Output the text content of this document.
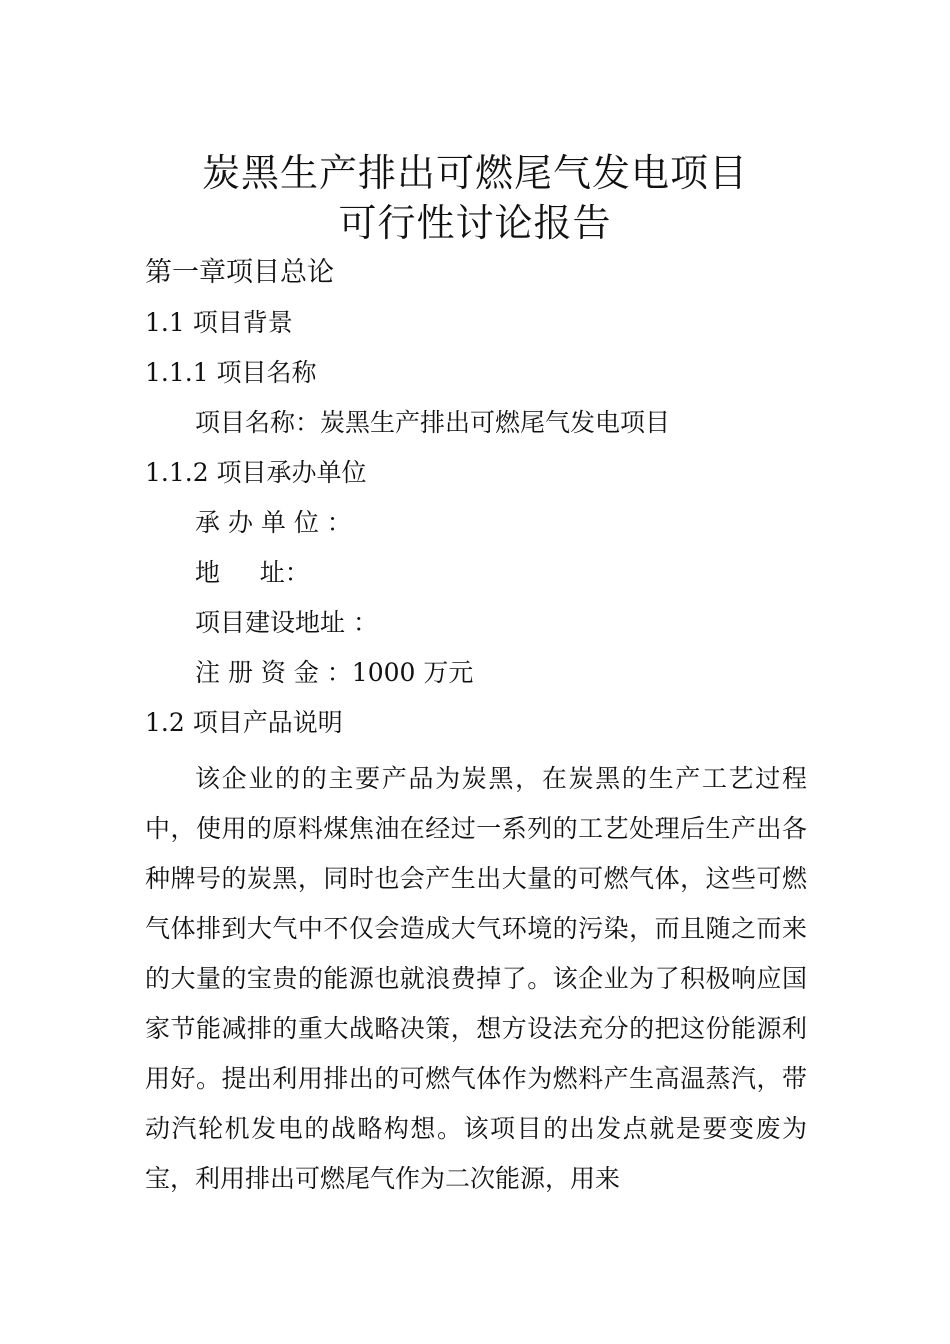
炭黑生产排出可燃尾气发电项目
可行性讨论报告
第一章项目总论
1.1 项目背景
1.1.1 项目名称
项目名称：炭黑生产排出可燃尾气发电项目
1.1.2 项目承办单位
承 办 单 位 ：
地     址：
项目建设地址 ：
注 册 资 金 ：1000 万元
1.2 项目产品说明
该企业的的主要产品为炭黑，在炭黑的生产工艺过程中，使用的原料煤焦油在经过一系列的工艺处理后生产出各种牌号的炭黑，同时也会产生出大量的可燃气体，这些可燃气体排到大气中不仅会造成大气环境的污染，而且随之而来的大量的宝贵的能源也就浪费掉了。该企业为了积极响应国家节能减排的重大战略决策，想方设法充分的把这份能源利用好。提出利用排出的可燃气体作为燃料产生高温蒸汽，带动汽轮机发电的战略构想。该项目的出发点就是要变废为宝，利用排出可燃尾气作为二次能源，用来
